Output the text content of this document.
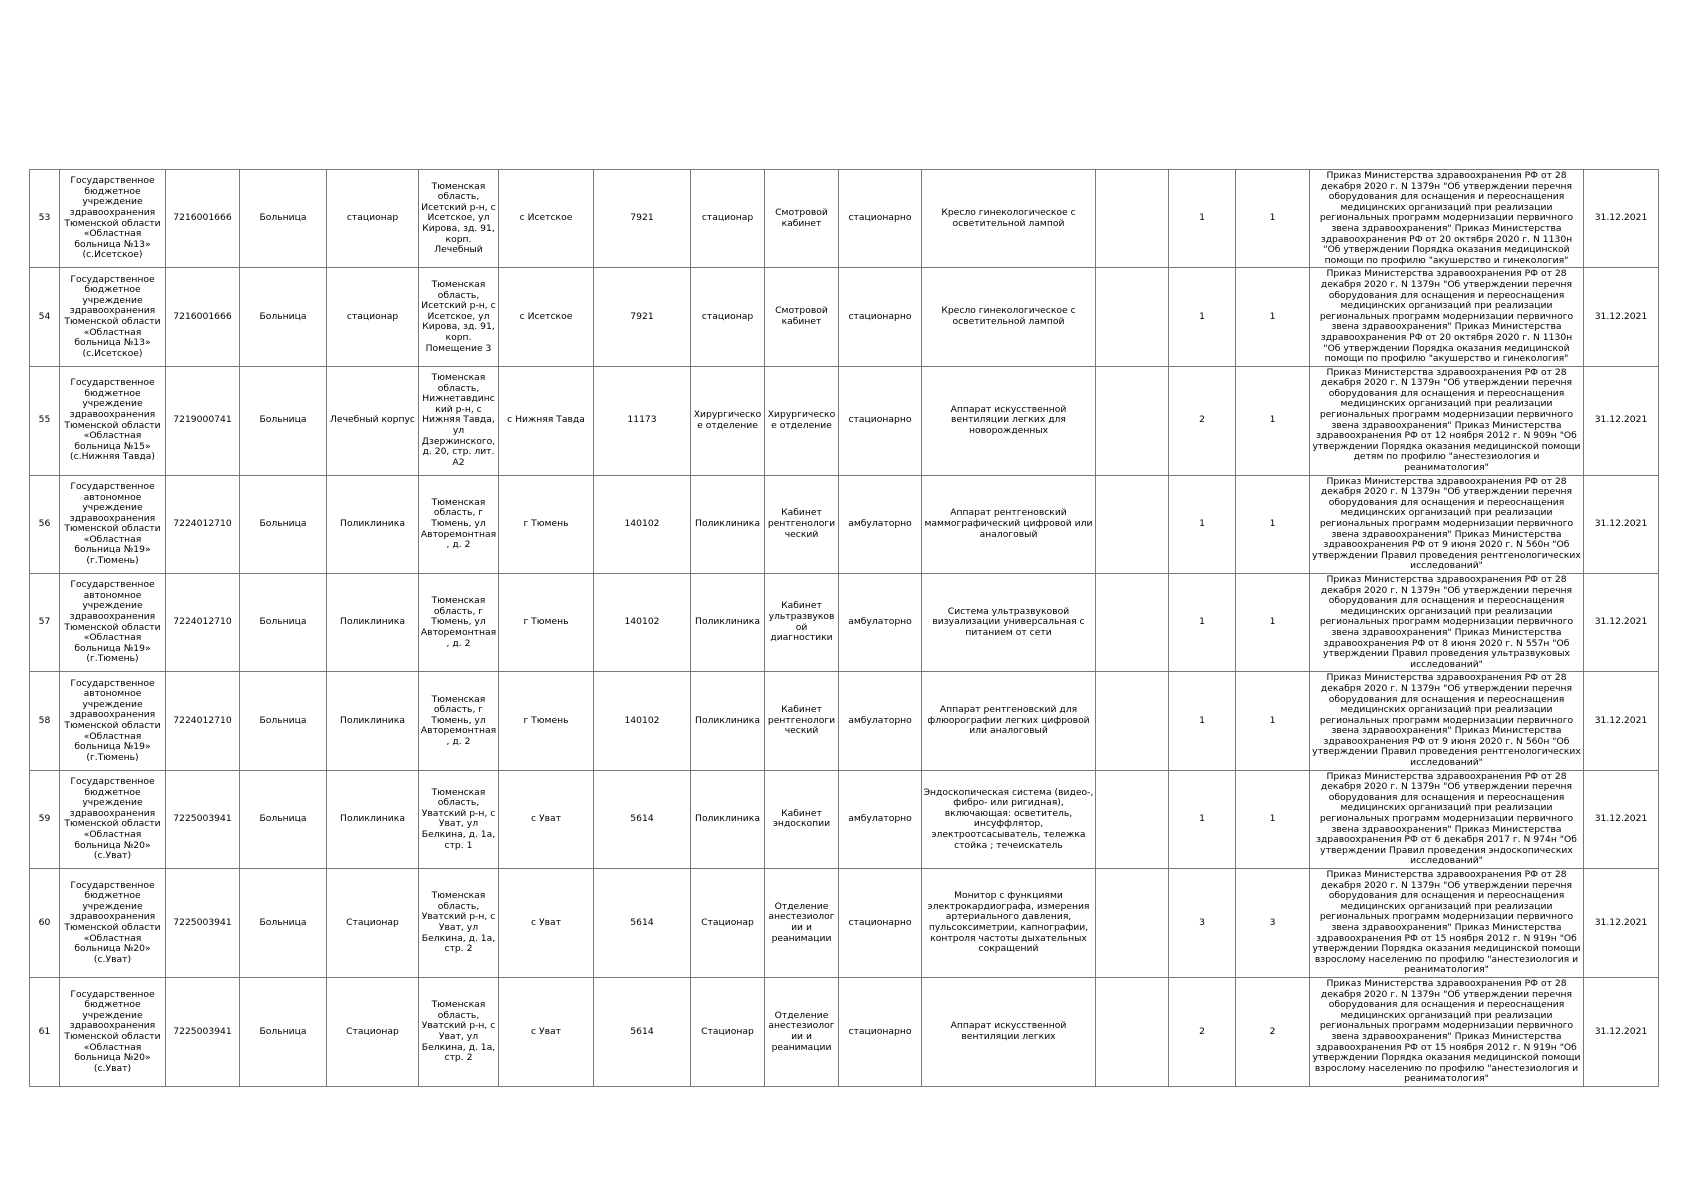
53	Государственное бюджетное учреждение здравоохранения Тюменской области «Областная больница №13» (с.Исетское)	7216001666	Больница	стационар	Тюменская область, Исетский р-н, с Исетское, ул Кирова, зд. 91, корп. Лечебный	с Исетское	7921	стационар	Смотровой кабинет	стационарно	Кресло гинекологическое с осветительной лампой		1	1	Приказ Министерства здравоохранения РФ от 28 декабря 2020 г. N 1379н "Об утверждении перечня оборудования для оснащения и переоснащения медицинских организаций при реализации региональных программ модернизации первичного звена здравоохранения" Приказ Министерства здравоохранения РФ от 20 октября 2020 г. N 1130н "Об утверждении Порядка оказания медицинской помощи по профилю "акушерство и гинекология"	31.12.2021
54	Государственное бюджетное учреждение здравоохранения Тюменской области «Областная больница №13» (с.Исетское)	7216001666	Больница	стационар	Тюменская область, Исетский р-н, с Исетское, ул Кирова, зд. 91, корп. Помещение 3	с Исетское	7921	стационар	Смотровой кабинет	стационарно	Кресло гинекологическое с осветительной лампой		1	1	Приказ Министерства здравоохранения РФ от 28 декабря 2020 г. N 1379н "Об утверждении перечня оборудования для оснащения и переоснащения медицинских организаций при реализации региональных программ модернизации первичного звена здравоохранения" Приказ Министерства здравоохранения РФ от 20 октября 2020 г. N 1130н "Об утверждении Порядка оказания медицинской помощи по профилю "акушерство и гинекология"	31.12.2021
55	Государственное бюджетное учреждение здравоохранения Тюменской области «Областная больница №15» (с.Нижняя Тавда)	7219000741	Больница	Лечебный корпус	Тюменская область, Нижнетавдинский р-н, с Нижняя Тавда, ул Дзержинского, д. 20, стр. лит. А2	с Нижняя Тавда	11173	Хирургическое отделение	Хирургическое отделение	стационарно	Аппарат искусственной вентиляции легких для новорожденных		2	1	Приказ Министерства здравоохранения РФ от 28 декабря 2020 г. N 1379н "Об утверждении перечня оборудования для оснащения и переоснащения медицинских организаций при реализации региональных программ модернизации первичного звена здравоохранения" Приказ Министерства здравоохранения РФ от 12 ноября 2012 г. N 909н "Об утверждении Порядка оказания медицинской помощи детям по профилю "анестезиология и реаниматология"	31.12.2021
56	Государственное автономное учреждение здравоохранения Тюменской области «Областная больница №19» (г.Тюмень)	7224012710	Больница	Поликлиника	Тюменская область, г Тюмень, ул Авторемонтная, д. 2	г Тюмень	140102	Поликлиника	Кабинет рентгенологический	амбулаторно	Аппарат рентгеновский маммографический цифровой или аналоговый		1	1	Приказ Министерства здравоохранения РФ от 28 декабря 2020 г. N 1379н "Об утверждении перечня оборудования для оснащения и переоснащения медицинских организаций при реализации региональных программ модернизации первичного звена здравоохранения" Приказ Министерства здравоохранения РФ от 9 июня 2020 г. N 560н "Об утверждении Правил проведения рентгенологических исследований"	31.12.2021
57	Государственное автономное учреждение здравоохранения Тюменской области «Областная больница №19» (г.Тюмень)	7224012710	Больница	Поликлиника	Тюменская область, г Тюмень, ул Авторемонтная, д. 2	г Тюмень	140102	Поликлиника	Кабинет ультразвуковой диагностики	амбулаторно	Система ультразвуковой визуализации универсальная с питанием от сети		1	1	Приказ Министерства здравоохранения РФ от 28 декабря 2020 г. N 1379н "Об утверждении перечня оборудования для оснащения и переоснащения медицинских организаций при реализации региональных программ модернизации первичного звена здравоохранения" Приказ Министерства здравоохранения РФ от 8 июня 2020 г. N 557н "Об утверждении Правил проведения ультразвуковых исследований"	31.12.2021
58	Государственное автономное учреждение здравоохранения Тюменской области «Областная больница №19» (г.Тюмень)	7224012710	Больница	Поликлиника	Тюменская область, г Тюмень, ул Авторемонтная, д. 2	г Тюмень	140102	Поликлиника	Кабинет рентгенологический	амбулаторно	Аппарат рентгеновский для флюорографии легких цифровой или аналоговый		1	1	Приказ Министерства здравоохранения РФ от 28 декабря 2020 г. N 1379н "Об утверждении перечня оборудования для оснащения и переоснащения медицинских организаций при реализации региональных программ модернизации первичного звена здравоохранения" Приказ Министерства здравоохранения РФ от 9 июня 2020 г. N 560н "Об утверждении Правил проведения рентгенологических исследований"	31.12.2021
59	Государственное бюджетное учреждение здравоохранения Тюменской области «Областная больница №20» (с.Уват)	7225003941	Больница	Поликлиника	Тюменская область, Уватский р-н, с Уват, ул Белкина, д. 1а, стр. 1	с Уват	5614	Поликлиника	Кабинет эндоскопии	амбулаторно	Эндоскопическая система (видео-, фибро- или ригидная), включающая: осветитель, инсуффлятор, электроотсасыватель, тележка стойка ; течеискатель		1	1	Приказ Министерства здравоохранения РФ от 28 декабря 2020 г. N 1379н "Об утверждении перечня оборудования для оснащения и переоснащения медицинских организаций при реализации региональных программ модернизации первичного звена здравоохранения" Приказ Министерства здравоохранения РФ от 6 декабря 2017 г. N 974н "Об утверждении Правил проведения эндоскопических исследований"	31.12.2021
60	Государственное бюджетное учреждение здравоохранения Тюменской области «Областная больница №20» (с.Уват)	7225003941	Больница	Стационар	Тюменская область, Уватский р-н, с Уват, ул Белкина, д. 1а, стр. 2	с Уват	5614	Стационар	Отделение анестезиологии и реанимации	стационарно	Монитор с функциями электрокардиографа, измерения артериального давления, пульсоксиметрии, капнографии, контроля частоты дыхательных сокращений		3	3	Приказ Министерства здравоохранения РФ от 28 декабря 2020 г. N 1379н "Об утверждении перечня оборудования для оснащения и переоснащения медицинских организаций при реализации региональных программ модернизации первичного звена здравоохранения" Приказ Министерства здравоохранения РФ от 15 ноября 2012 г. N 919н "Об утверждении Порядка оказания медицинской помощи взрослому населению по профилю "анестезиология и реаниматология"	31.12.2021
61	Государственное бюджетное учреждение здравоохранения Тюменской области «Областная больница №20» (с.Уват)	7225003941	Больница	Стационар	Тюменская область, Уватский р-н, с Уват, ул Белкина, д. 1а, стр. 2	с Уват	5614	Стационар	Отделение анестезиологии и реанимации	стационарно	Аппарат искусственной вентиляции легких		2	2	Приказ Министерства здравоохранения РФ от 28 декабря 2020 г. N 1379н "Об утверждении перечня оборудования для оснащения и переоснащения медицинских организаций при реализации региональных программ модернизации первичного звена здравоохранения" Приказ Министерства здравоохранения РФ от 15 ноября 2012 г. N 919н "Об утверждении Порядка оказания медицинской помощи взрослому населению по профилю "анестезиология и реаниматология"	31.12.2021
